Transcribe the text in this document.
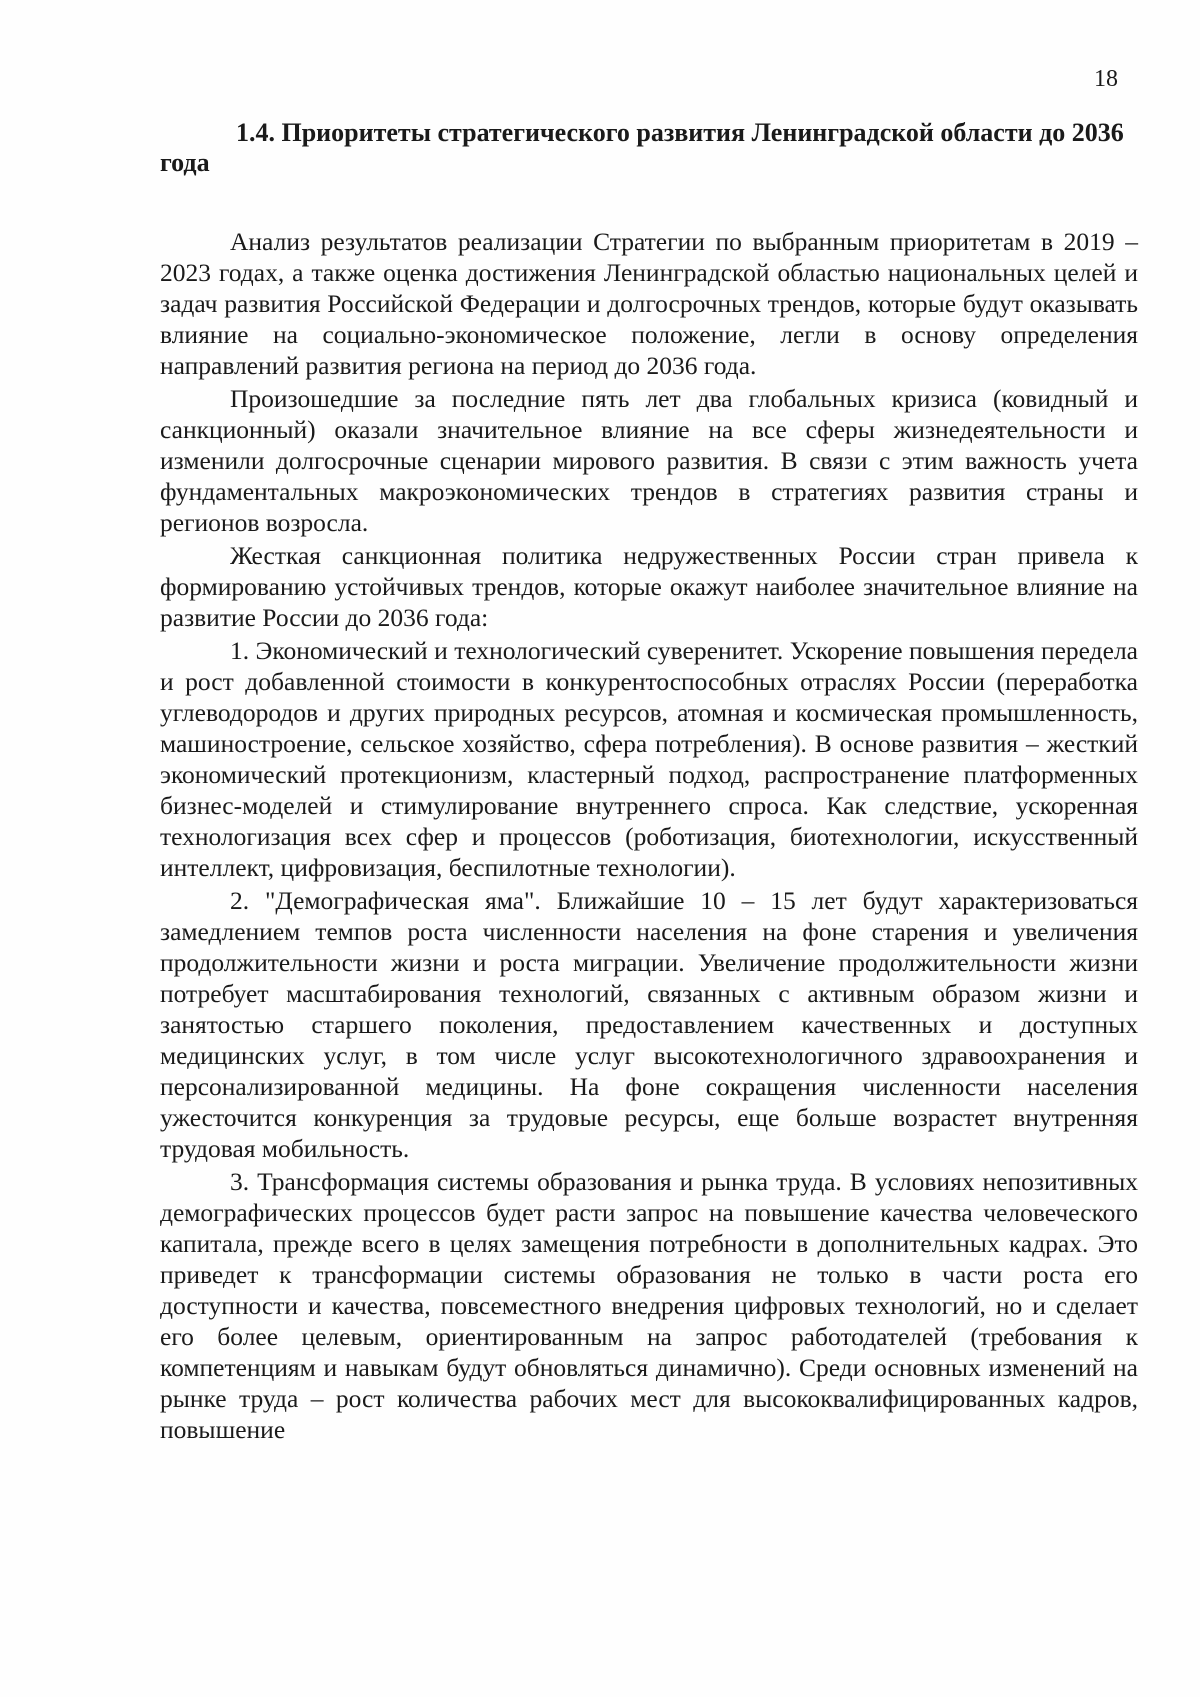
18
1.4. Приоритеты стратегического развития Ленинградской области до 2036 года

Анализ результатов реализации Стратегии по выбранным приоритетам в 2019 – 2023 годах, а также оценка достижения Ленинградской областью национальных целей и задач развития Российской Федерации и долгосрочных трендов, которые будут оказывать влияние на социально-экономическое положение, легли в основу определения направлений развития региона на период до 2036 года.

Произошедшие за последние пять лет два глобальных кризиса (ковидный и санкционный) оказали значительное влияние на все сферы жизнедеятельности и изменили долгосрочные сценарии мирового развития. В связи с этим важность учета фундаментальных макроэкономических трендов в стратегиях развития страны и регионов возросла.

Жесткая санкционная политика недружественных России стран привела к формированию устойчивых трендов, которые окажут наиболее значительное влияние на развитие России до 2036 года:

1. Экономический и технологический суверенитет. Ускорение повышения передела и рост добавленной стоимости в конкурентоспособных отраслях России (переработка углеводородов и других природных ресурсов, атомная и космическая промышленность, машиностроение, сельское хозяйство, сфера потребления). В основе развития – жесткий экономический протекционизм, кластерный подход, распространение платформенных бизнес-моделей и стимулирование внутреннего спроса. Как следствие, ускоренная технологизация всех сфер и процессов (роботизация, биотехнологии, искусственный интеллект, цифровизация, беспилотные технологии).

2. "Демографическая яма". Ближайшие 10 – 15 лет будут характеризоваться замедлением темпов роста численности населения на фоне старения и увеличения продолжительности жизни и роста миграции. Увеличение продолжительности жизни потребует масштабирования технологий, связанных с активным образом жизни и занятостью старшего поколения, предоставлением качественных и доступных медицинских услуг, в том числе услуг высокотехнологичного здравоохранения и персонализированной медицины. На фоне сокращения численности населения ужесточится конкуренция за трудовые ресурсы, еще больше возрастет внутренняя трудовая мобильность.

3. Трансформация системы образования и рынка труда. В условиях непозитивных демографических процессов будет расти запрос на повышение качества человеческого капитала, прежде всего в целях замещения потребности в дополнительных кадрах. Это приведет к трансформации системы образования не только в части роста его доступности и качества, повсеместного внедрения цифровых технологий, но и сделает его более целевым, ориентированным на запрос работодателей (требования к компетенциям и навыкам будут обновляться динамично). Среди основных изменений на рынке труда – рост количества рабочих мест для высококвалифицированных кадров, повышение
